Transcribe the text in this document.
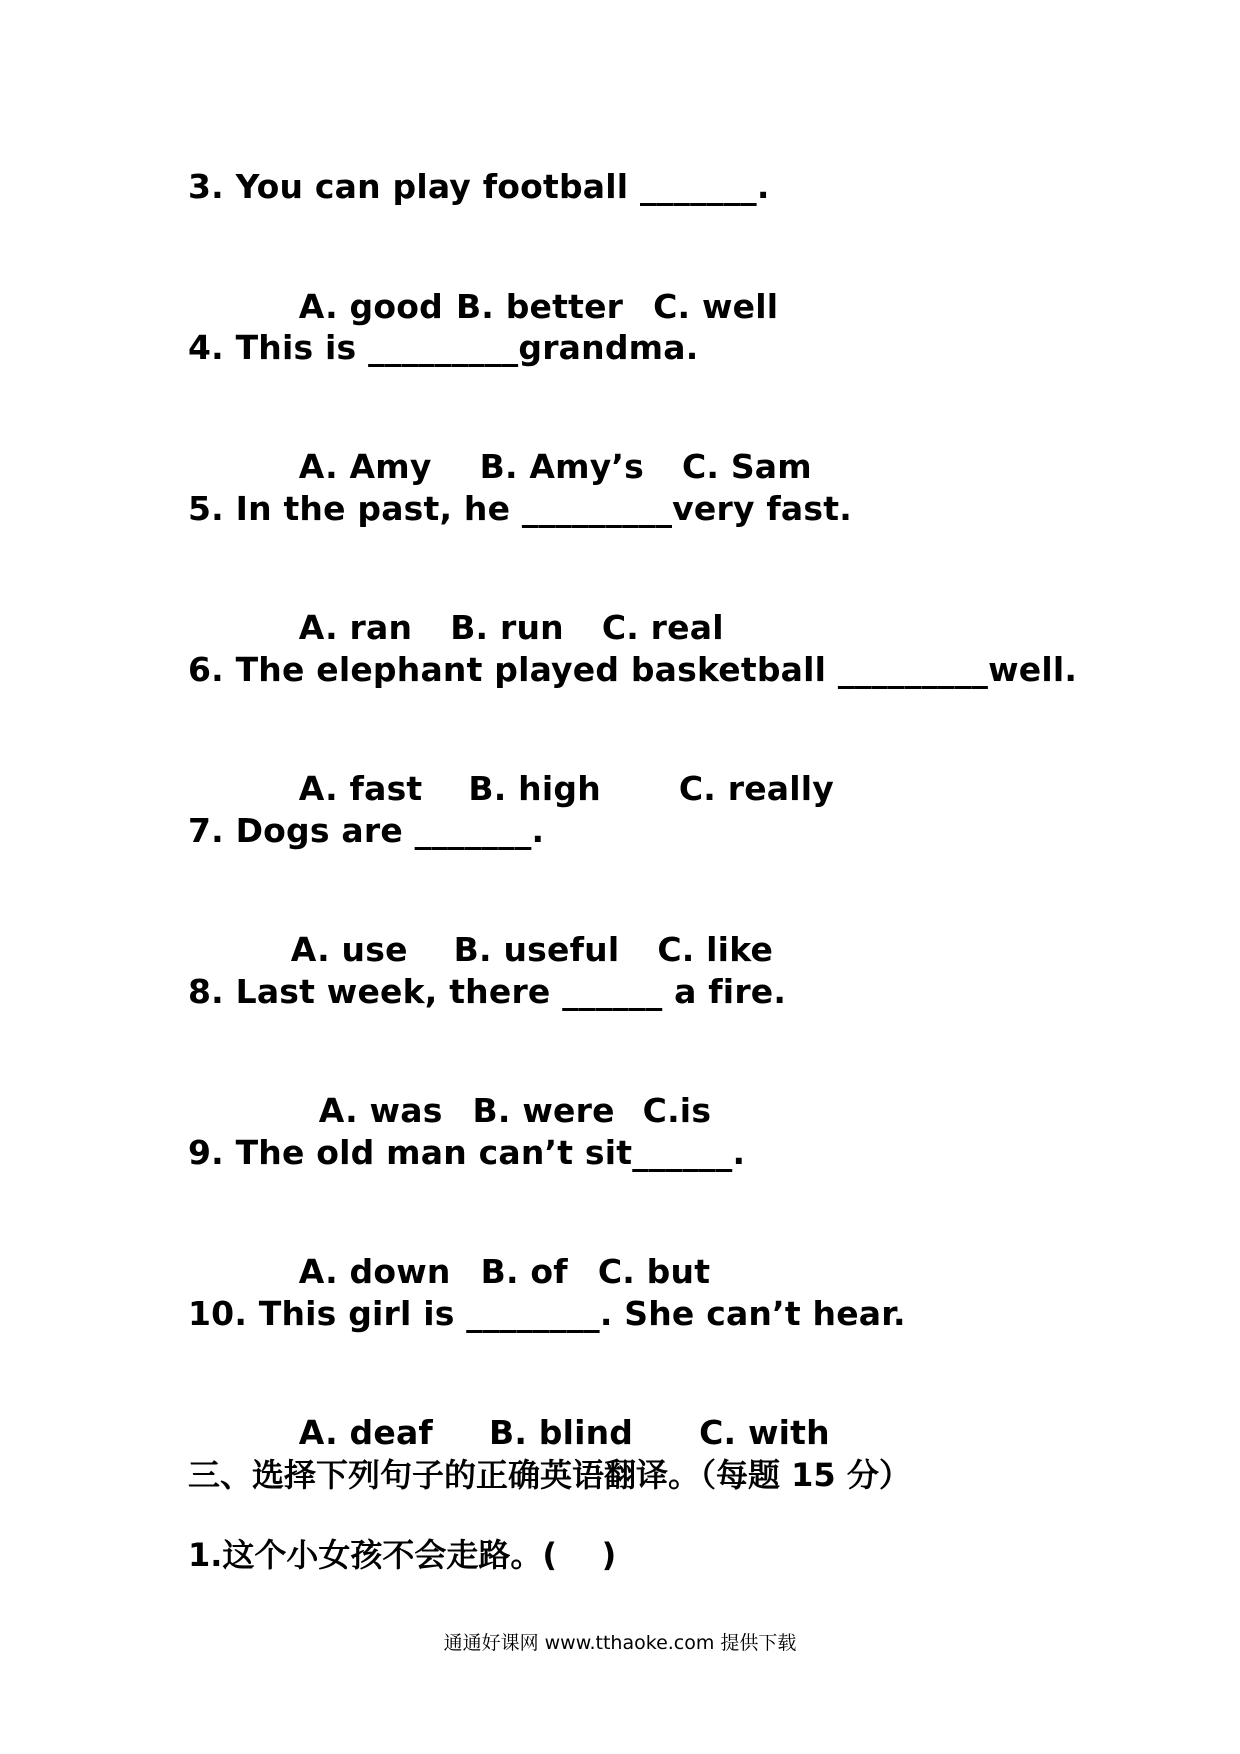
3. You can play football _______.

A. good B. better C. well

4. This is _________grandma.

A. Amy B. Amy’s C. Sam

5. In the past, he _________very fast.

A. ran B. run C. real

6. The elephant played basketball _________well.

A. fast B. high C. really

7. Dogs are _______.

A. use B. useful C. like

8. Last week, there ______ a fire.

A. was B. were C.is

9. The old man can’t sit______.

A. down B. of C. but

10. This girl is ________. She can’t hear.

A. deaf B. blind C. with

三、选择下列句子的正确英语翻译。（每题 15 分）
1.这个小女孩不会走路。(    )
通通好课网 www.tthaoke.com 提供下载
